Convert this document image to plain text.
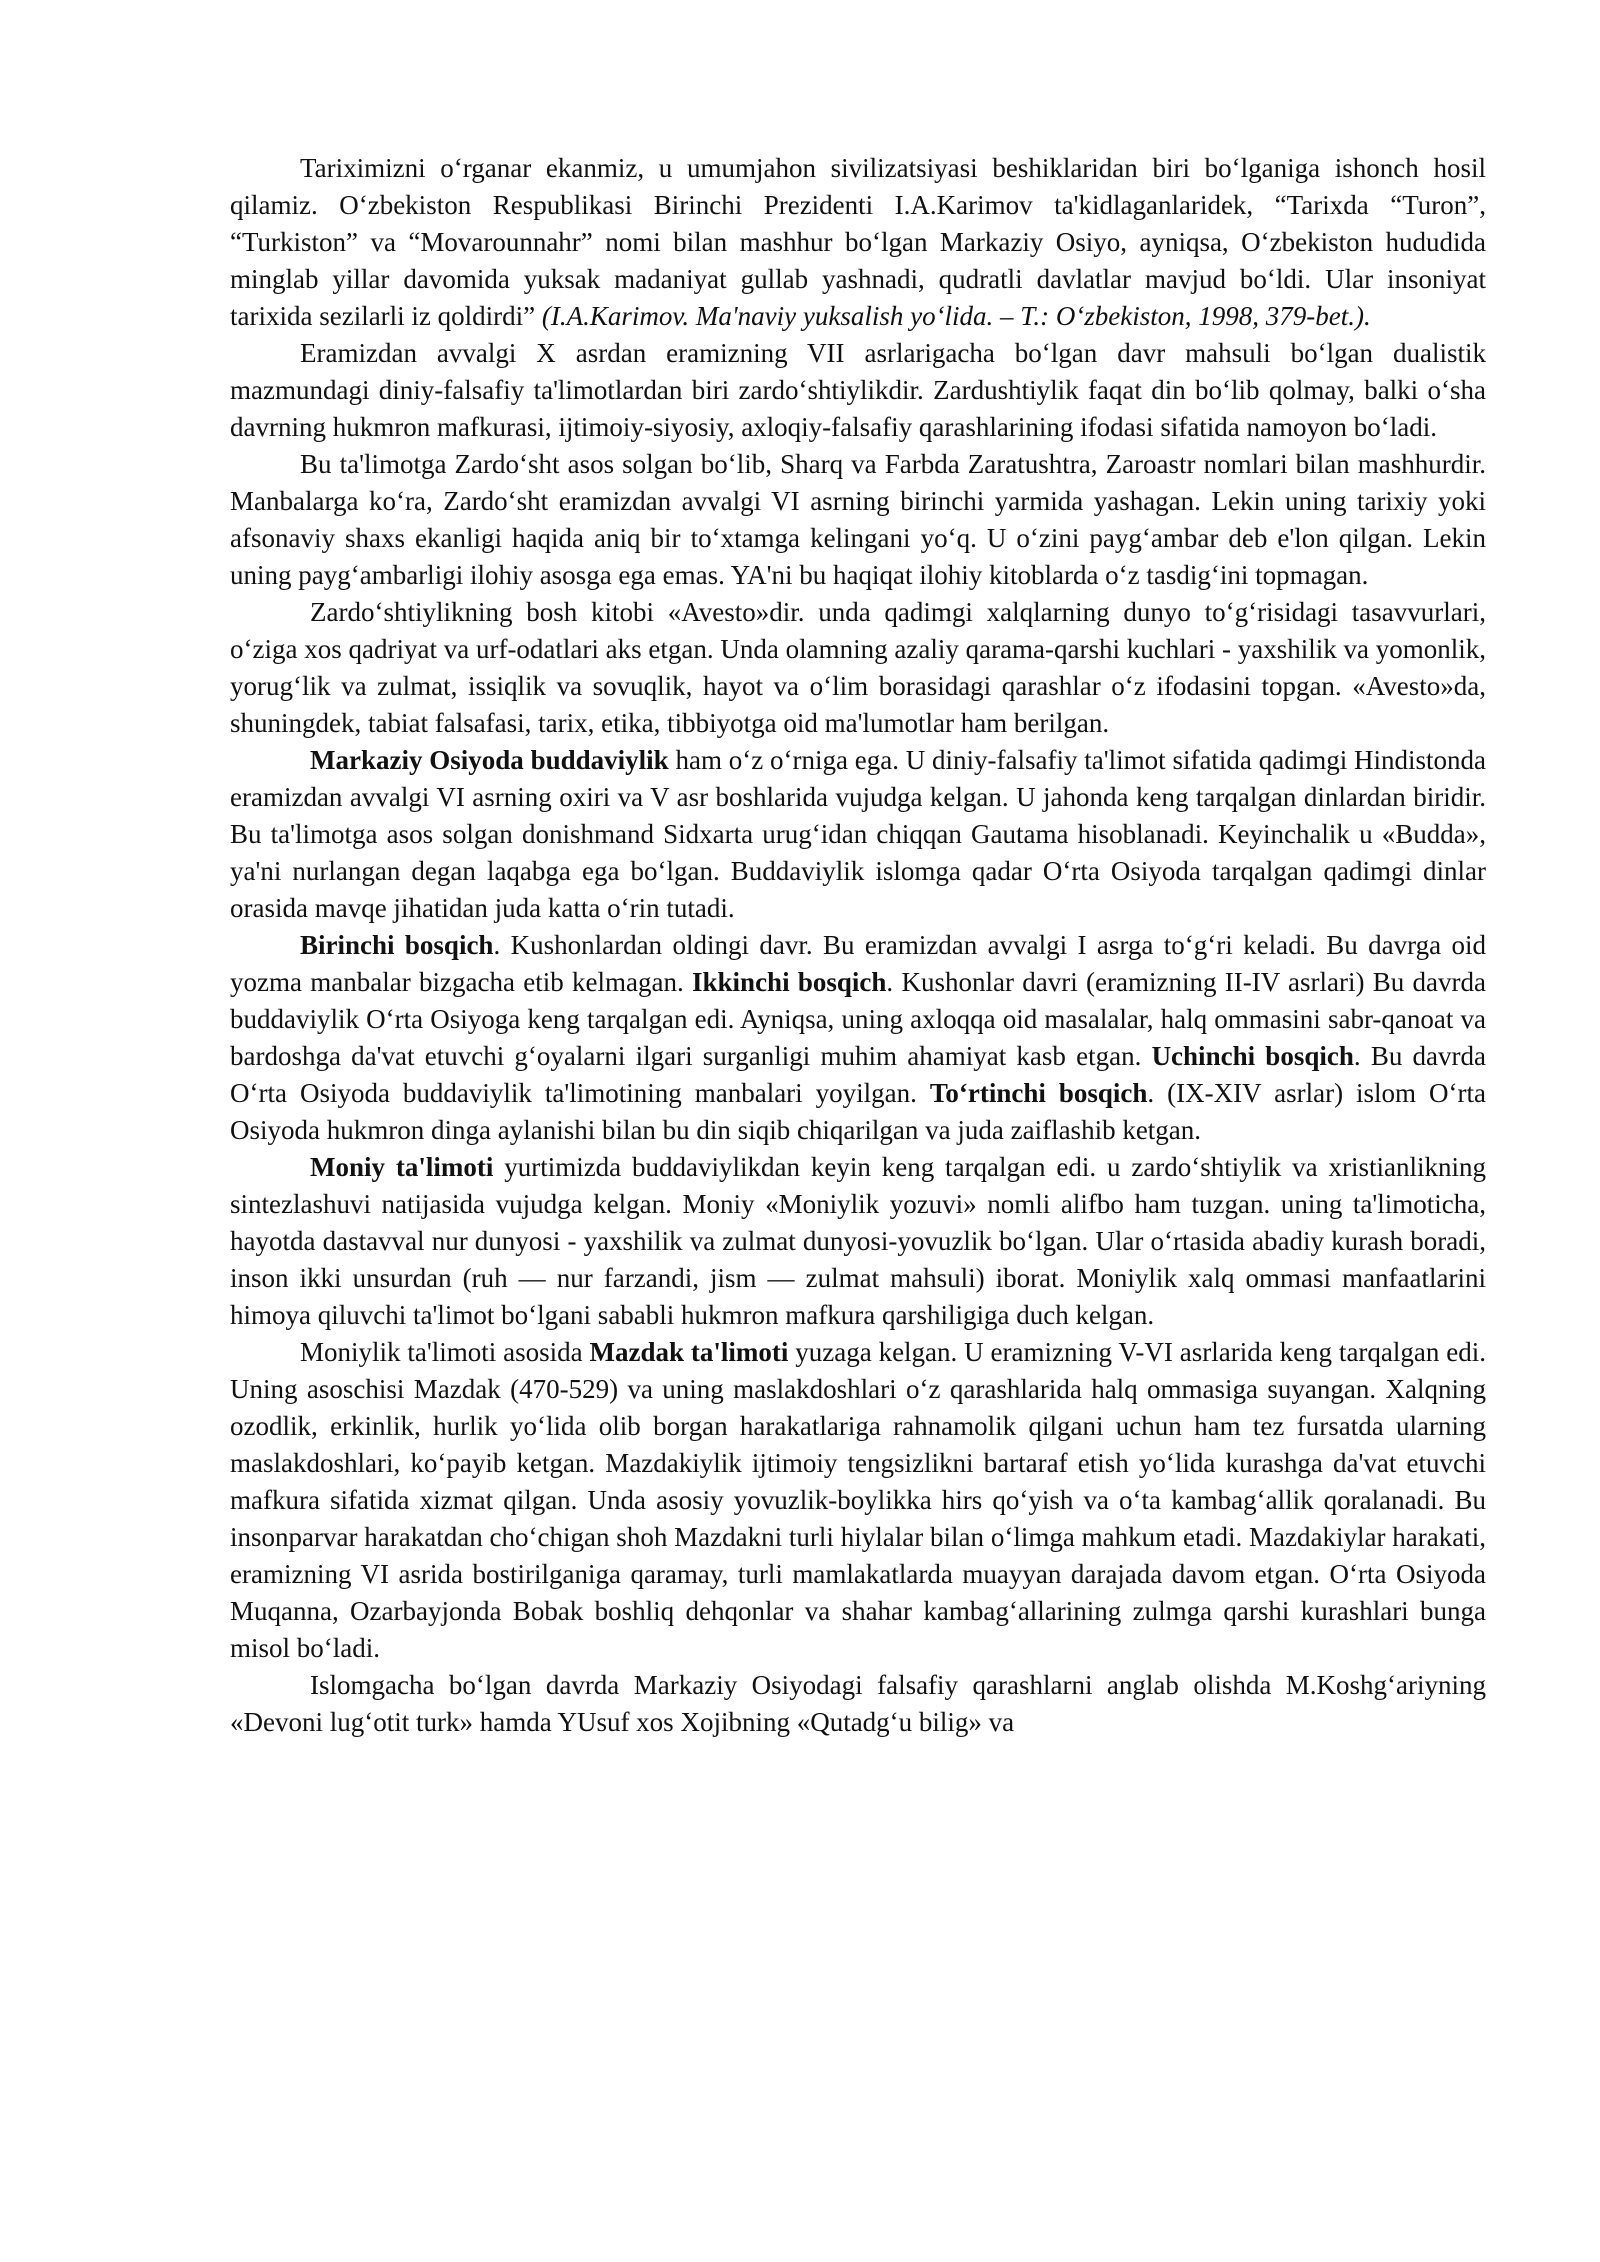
Tariximizni o‘rganar ekanmiz, u umumjahon sivilizatsiyasi beshiklaridan biri bo‘lganiga ishonch hosil qilamiz. O‘zbekiston Respublikasi Birinchi Prezidenti I.A.Karimov ta'kidlaganlaridek, “Tarixda “Turon”, “Turkiston” va “Movarounnahr” nomi bilan mashhur bo‘lgan Markaziy Osiyo, ayniqsa, O‘zbekiston hududida minglab yillar davomida yuksak madaniyat gullab yashnadi, qudratli davlatlar mavjud bo‘ldi. Ular insoniyat tarixida sezilarli iz qoldirdi” (I.A.Karimov. Ma'naviy yuksalish yo‘lida. – T.: O‘zbekiston, 1998, 379-bet.).

Eramizdan avvalgi X asrdan eramizning VII asrlarigacha bo‘lgan davr mahsuli bo‘lgan dualistik mazmundagi diniy-falsafiy ta'limotlardan biri zardo‘shtiylikdir. Zardushtiylik faqat din bo‘lib qolmay, balki o‘sha davrning hukmron mafkurasi, ijtimoiy-siyosiy, axloqiy-falsafiy qarashlarining ifodasi sifatida namoyon bo‘ladi.

Bu ta'limotga Zardo‘sht asos solgan bo‘lib, Sharq va Farbda Zaratushtra, Zaroastr nomlari bilan mashhurdir. Manbalarga ko‘ra, Zardo‘sht eramizdan avvalgi VI asrning birinchi yarmida yashagan. Lekin uning tarixiy yoki afsonaviy shaxs ekanligi haqida aniq bir to‘xtamga kelingani yo‘q. U o‘zini payg‘ambar deb e'lon qilgan. Lekin uning payg‘ambarligi ilohiy asosga ega emas. YA'ni bu haqiqat ilohiy kitoblarda o‘z tasdig‘ini topmagan.

Zardo‘shtiylikning bosh kitobi «Avesto»dir. unda qadimgi xalqlarning dunyo to‘g‘risidagi tasavvurlari, o‘ziga xos qadriyat va urf-odatlari aks etgan. Unda olamning azaliy qarama-qarshi kuchlari - yaxshilik va yomonlik, yorug‘lik va zulmat, issiqlik va sovuqlik, hayot va o‘lim borasidagi qarashlar o‘z ifodasini topgan. «Avesto»da, shuningdek, tabiat falsafasi, tarix, etika, tibbiyotga oid ma'lumotlar ham berilgan.

Markaziy Osiyoda buddaviylik ham o‘z o‘rniga ega. U diniy-falsafiy ta'limot sifatida qadimgi Hindistonda eramizdan avvalgi VI asrning oxiri va V asr boshlarida vujudga kelgan. U jahonda keng tarqalgan dinlardan biridir. Bu ta'limotga asos solgan donishmand Sidxarta urug‘idan chiqqan Gautama hisoblanadi. Keyinchalik u «Budda», ya'ni nurlangan degan laqabga ega bo‘lgan. Buddaviylik islomga qadar O‘rta Osiyoda tarqalgan qadimgi dinlar orasida mavqe jihatidan juda katta o‘rin tutadi.

Birinchi bosqich. Kushonlardan oldingi davr. Bu eramizdan avvalgi I asrga to‘g‘ri keladi. Bu davrga oid yozma manbalar bizgacha etib kelmagan. Ikkinchi bosqich. Kushonlar davri (eramizning II-IV asrlari) Bu davrda buddaviylik O‘rta Osiyoga keng tarqalgan edi. Ayniqsa, uning axloqqa oid masalalar, halq ommasini sabr-qanoat va bardoshga da'vat etuvchi g‘oyalarni ilgari surganligi muhim ahamiyat kasb etgan. Uchinchi bosqich. Bu davrda O‘rta Osiyoda buddaviylik ta'limotining manbalari yoyilgan. To‘rtinchi bosqich. (IX-XIV asrlar) islom O‘rta Osiyoda hukmron dinga aylanishi bilan bu din siqib chiqarilgan va juda zaiflashib ketgan.

Moniy ta'limoti yurtimizda buddaviylikdan keyin keng tarqalgan edi. u zardo‘shtiylik va xristianlikning sintezlashuvi natijasida vujudga kelgan. Moniy «Moniylik yozuvi» nomli alifbo ham tuzgan. uning ta'limoticha, hayotda dastavval nur dunyosi - yaxshilik va zulmat dunyosi-yovuzlik bo‘lgan. Ular o‘rtasida abadiy kurash boradi, inson ikki unsurdan (ruh — nur farzandi, jism — zulmat mahsuli) iborat. Moniylik xalq ommasi manfaatlarini himoya qiluvchi ta'limot bo‘lgani sababli hukmron mafkura qarshiligiga duch kelgan.

Moniylik ta'limoti asosida Mazdak ta'limoti yuzaga kelgan. U eramizning V-VI asrlarida keng tarqalgan edi. Uning asoschisi Mazdak (470-529) va uning maslakdoshlari o‘z qarashlarida halq ommasiga suyangan. Xalqning ozodlik, erkinlik, hurlik yo‘lida olib borgan harakatlariga rahnamolik qilgani uchun ham tez fursatda ularning maslakdoshlari, ko‘payib ketgan. Mazdakiylik ijtimoiy tengsizlikni bartaraf etish yo‘lida kurashga da'vat etuvchi mafkura sifatida xizmat qilgan. Unda asosiy yovuzlik-boylikka hirs qo‘yish va o‘ta kambag‘allik qoralanadi. Bu insonparvar harakatdan cho‘chigan shoh Mazdakni turli hiylalar bilan o‘limga mahkum etadi. Mazdakiylar harakati, eramizning VI asrida bostirilganiga qaramay, turli mamlakatlarda muayyan darajada davom etgan. O‘rta Osiyoda Muqanna, Ozarbayjonda Bobak boshliq dehqonlar va shahar kambag‘allarining zulmga qarshi kurashlari bunga misol bo‘ladi.

Islomgacha bo‘lgan davrda Markaziy Osiyodagi falsafiy qarashlarni anglab olishda M.Koshg‘ariyning «Devoni lug‘otit turk» hamda YUsuf xos Xojibning «Qutadg‘u bilig» va
